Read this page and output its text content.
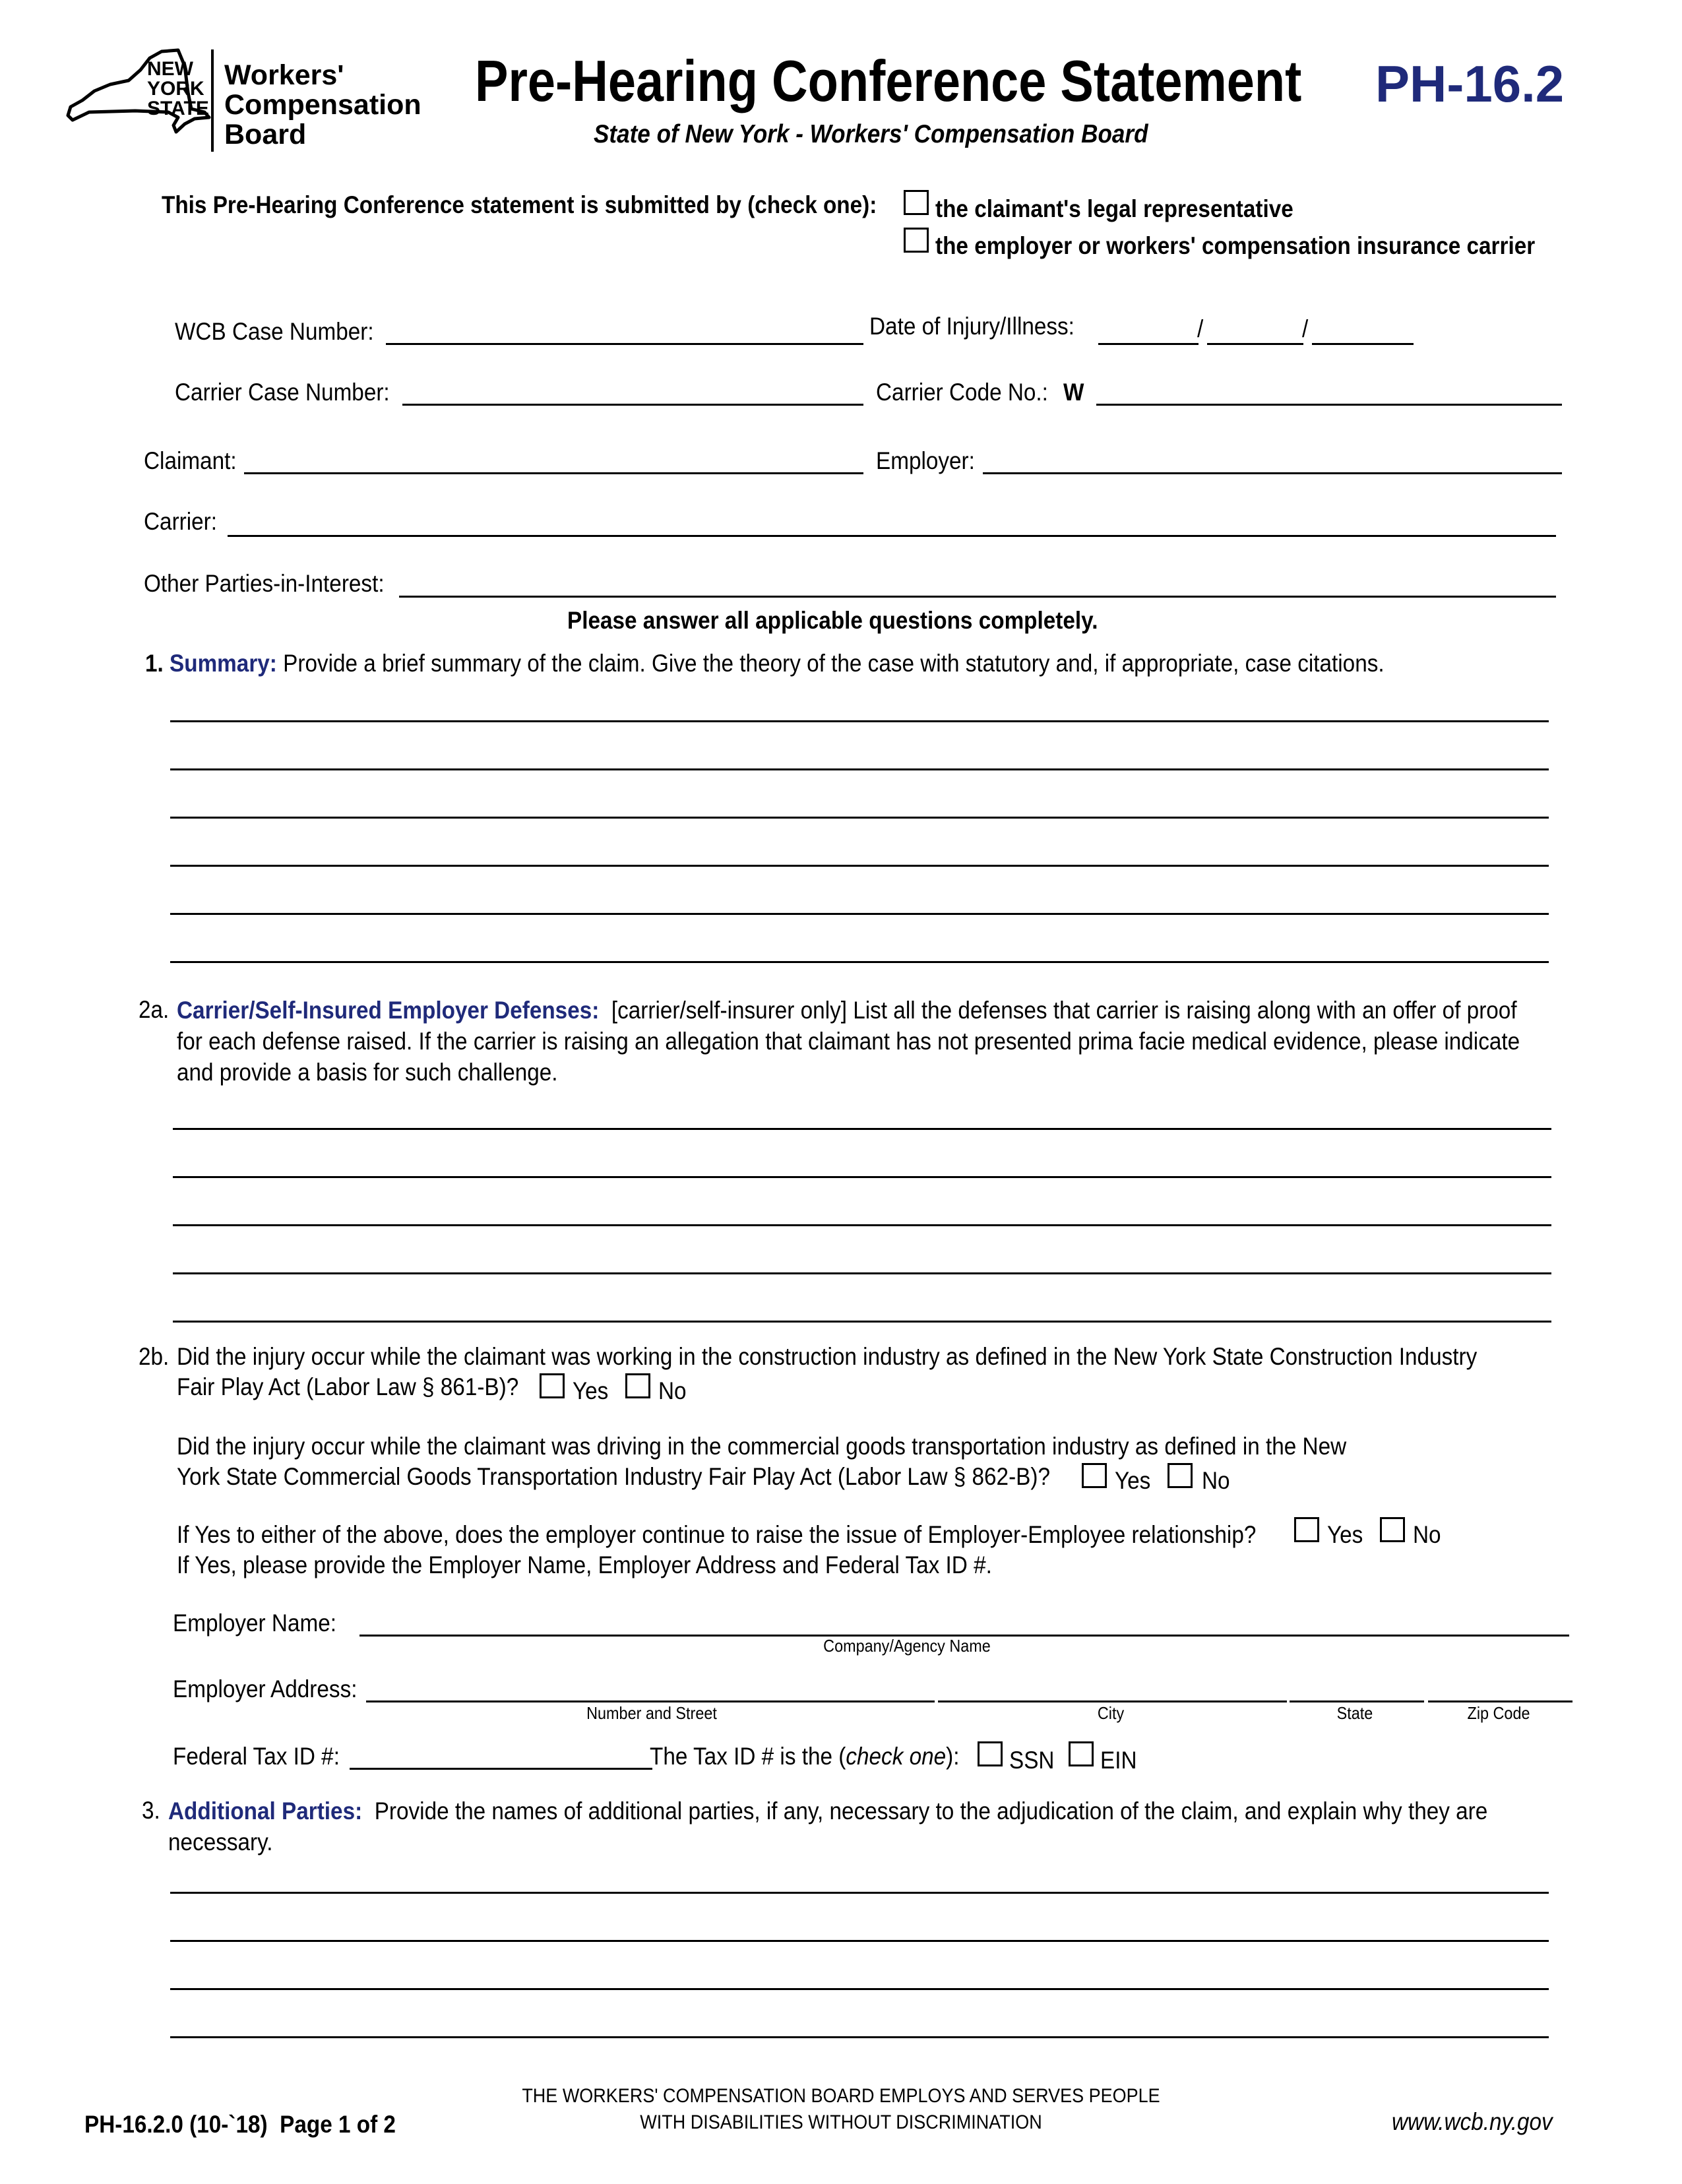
NEW
YORK
STATE
Workers'
Compensation
Board
Pre-Hearing Conference Statement
State of New York - Workers' Compensation Board
PH-16.2
This Pre-Hearing Conference statement is submitted by (check one): the claimant's legal representative
the employer or workers' compensation insurance carrier
WCB Case Number:	Date of Injury/Illness:	/	/
Carrier Case Number:	Carrier Code No.: W
Claimant:	Employer:
Carrier:
Other Parties-in-Interest:
Please answer all applicable questions completely.
1. Summary: Provide a brief summary of the claim. Give the theory of the case with statutory and, if appropriate, case citations.
2a. Carrier/Self-Insured Employer Defenses: [carrier/self-insurer only] List all the defenses that carrier is raising along with an offer of proof
for each defense raised. If the carrier is raising an allegation that claimant has not presented prima facie medical evidence, please indicate
and provide a basis for such challenge.
2b. Did the injury occur while the claimant was working in the construction industry as defined in the New York State Construction Industry
Fair Play Act (Labor Law § 861-B)? Yes No
Did the injury occur while the claimant was driving in the commercial goods transportation industry as defined in the New
York State Commercial Goods Transportation Industry Fair Play Act (Labor Law § 862-B)?	Yes No
If Yes to either of the above, does the employer continue to raise the issue of Employer-Employee relationship?	Yes No
If Yes, please provide the Employer Name, Employer Address and Federal Tax ID #.
Employer Name:
Company/Agency Name
Employer Address:
Number and Street	City	State	Zip Code
Federal Tax ID #:	The Tax ID # is the (check one): SSN EIN
3. Additional Parties: Provide the names of additional parties, if any, necessary to the adjudication of the claim, and explain why they are
necessary.
PH-16.2.0 (10-`18)  Page 1 of 2
THE WORKERS' COMPENSATION BOARD EMPLOYS AND SERVES PEOPLE
WITH DISABILITIES WITHOUT DISCRIMINATION	www.wcb.ny.gov
